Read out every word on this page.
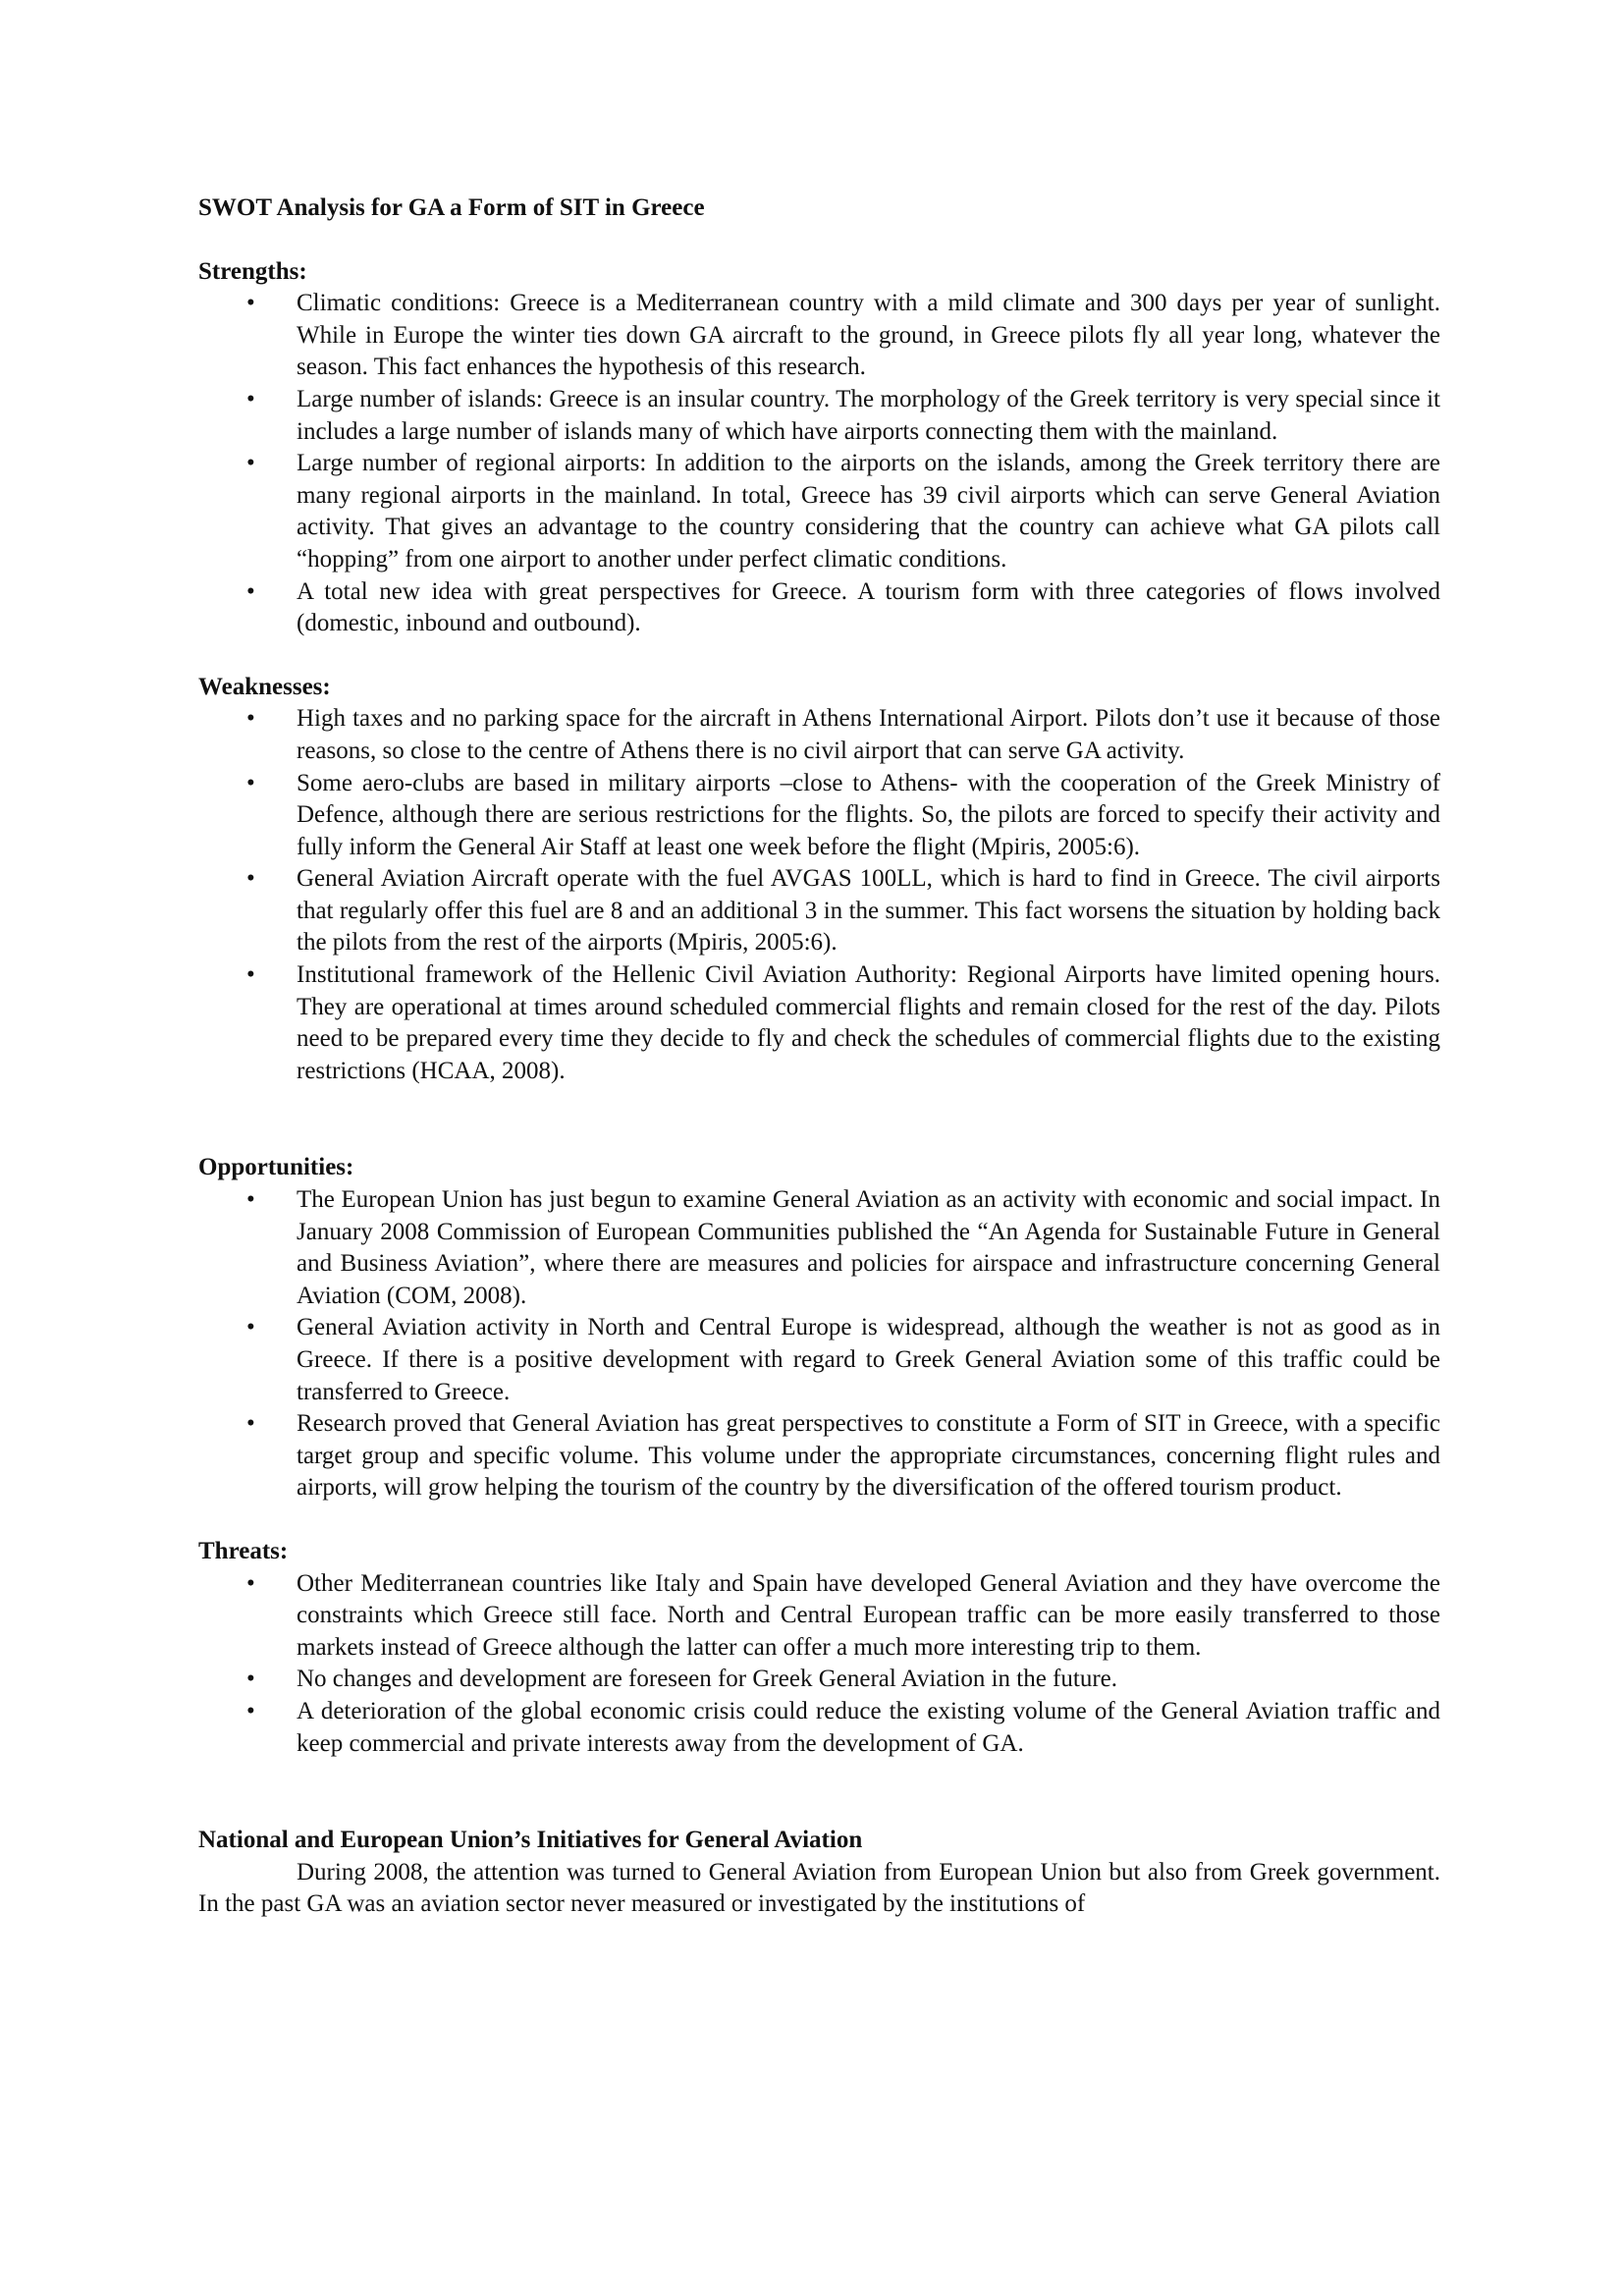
SWOT Analysis for GA a Form of SIT in Greece
Strengths:
• Climatic conditions: Greece is a Mediterranean country with a mild climate and 300 days per year of sunlight. While in Europe the winter ties down GA aircraft to the ground, in Greece pilots fly all year long, whatever the season. This fact enhances the hypothesis of this research.
• Large number of islands: Greece is an insular country. The morphology of the Greek territory is very special since it includes a large number of islands many of which have airports connecting them with the mainland.
• Large number of regional airports: In addition to the airports on the islands, among the Greek territory there are many regional airports in the mainland. In total, Greece has 39 civil airports which can serve General Aviation activity. That gives an advantage to the country considering that the country can achieve what GA pilots call “hopping” from one airport to another under perfect climatic conditions.
• A total new idea with great perspectives for Greece. A tourism form with three categories of flows involved (domestic, inbound and outbound).
Weaknesses:
• High taxes and no parking space for the aircraft in Athens International Airport. Pilots don’t use it because of those reasons, so close to the centre of Athens there is no civil airport that can serve GA activity.
• Some aero-clubs are based in military airports –close to Athens- with the cooperation of the Greek Ministry of Defence, although there are serious restrictions for the flights. So, the pilots are forced to specify their activity and fully inform the General Air Staff at least one week before the flight (Mpiris, 2005:6).
• General Aviation Aircraft operate with the fuel AVGAS 100LL, which is hard to find in Greece. The civil airports that regularly offer this fuel are 8 and an additional 3 in the summer. This fact worsens the situation by holding back the pilots from the rest of the airports (Mpiris, 2005:6).
• Institutional framework of the Hellenic Civil Aviation Authority: Regional Airports have limited opening hours. They are operational at times around scheduled commercial flights and remain closed for the rest of the day. Pilots need to be prepared every time they decide to fly and check the schedules of commercial flights due to the existing restrictions (HCAA, 2008).
Opportunities:
• The European Union has just begun to examine General Aviation as an activity with economic and social impact. In January 2008 Commission of European Communities published the “An Agenda for Sustainable Future in General and Business Aviation”, where there are measures and policies for airspace and infrastructure concerning General Aviation (COM, 2008).
• General Aviation activity in North and Central Europe is widespread, although the weather is not as good as in Greece. If there is a positive development with regard to Greek General Aviation some of this traffic could be transferred to Greece.
• Research proved that General Aviation has great perspectives to constitute a Form of SIT in Greece, with a specific target group and specific volume. This volume under the appropriate circumstances, concerning flight rules and airports, will grow helping the tourism of the country by the diversification of the offered tourism product.
Threats:
• Other Mediterranean countries like Italy and Spain have developed General Aviation and they have overcome the constraints which Greece still face. North and Central European traffic can be more easily transferred to those markets instead of Greece although the latter can offer a much more interesting trip to them.
• No changes and development are foreseen for Greek General Aviation in the future.
• A deterioration of the global economic crisis could reduce the existing volume of the General Aviation traffic and keep commercial and private interests away from the development of GA.
National and European Union’s Initiatives for General Aviation

During 2008, the attention was turned to General Aviation from European Union but also from Greek government. In the past GA was an aviation sector never measured or investigated by the institutions of
